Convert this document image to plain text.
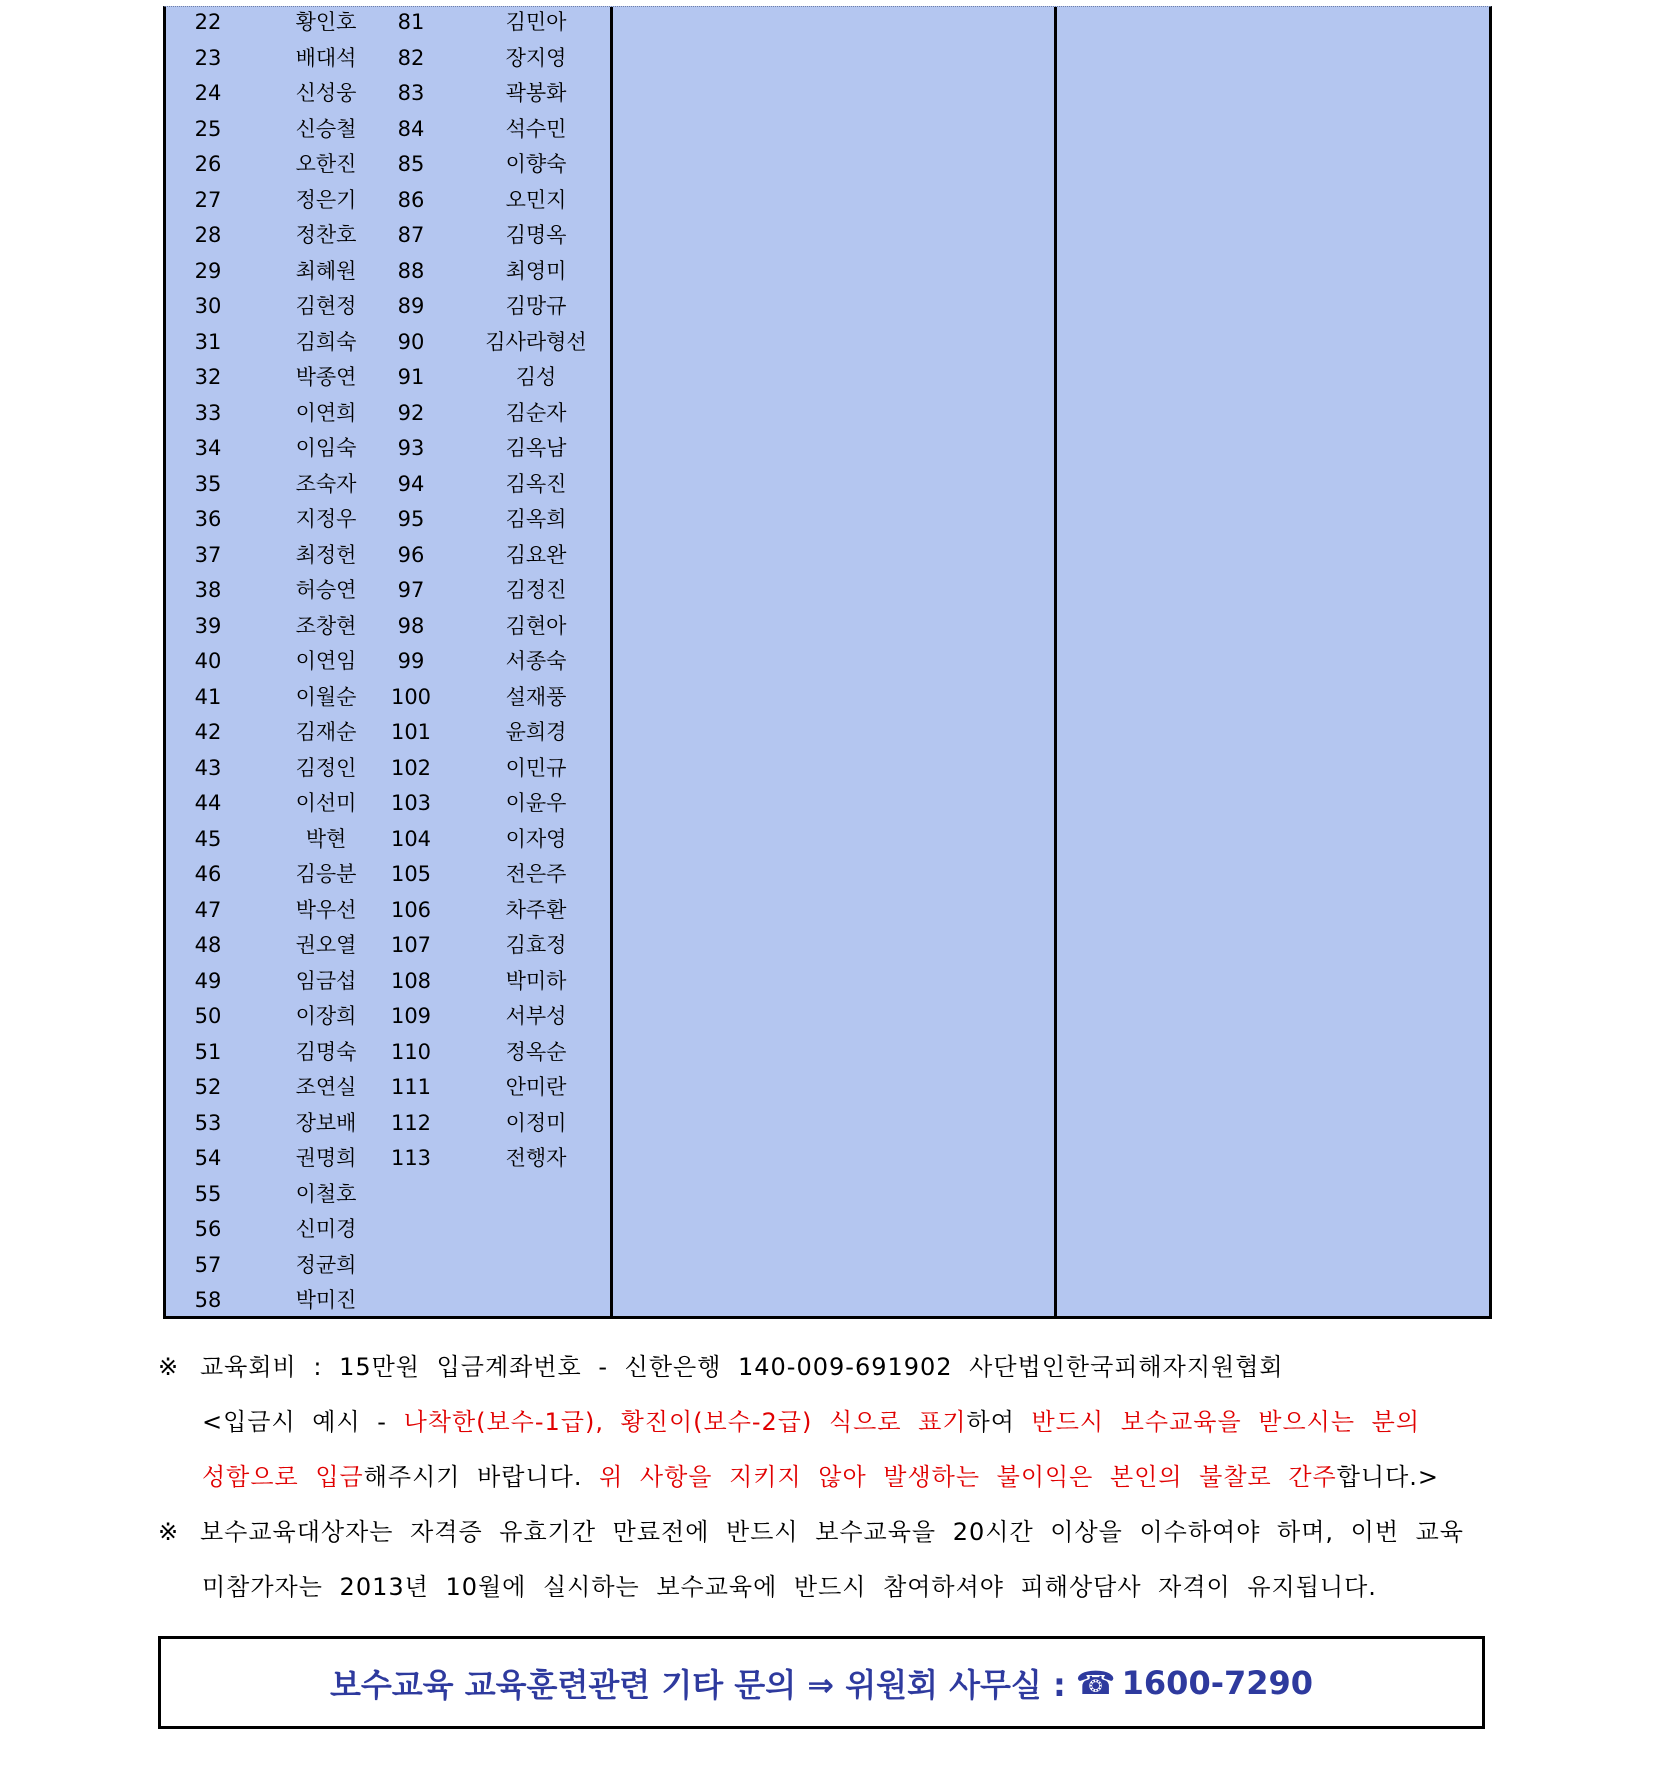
22	황인호	81	김민아
23	배대석	82	장지영
24	신성웅	83	곽봉화
25	신승철	84	석수민
26	오한진	85	이향숙
27	정은기	86	오민지
28	정찬호	87	김명옥
29	최혜원	88	최영미
30	김현정	89	김망규
31	김희숙	90	김사라형선
32	박종연	91	김성
33	이연희	92	김순자
34	이임숙	93	김옥남
35	조숙자	94	김옥진
36	지정우	95	김옥희
37	최정헌	96	김요완
38	허승연	97	김정진
39	조창현	98	김현아
40	이연임	99	서종숙
41	이월순	100	설재풍
42	김재순	101	윤희경
43	김정인	102	이민규
44	이선미	103	이윤우
45	박현	104	이자영
46	김응분	105	전은주
47	박우선	106	차주환
48	권오열	107	김효정
49	임금섭	108	박미하
50	이장희	109	서부성
51	김명숙	110	정옥순
52	조연실	111	안미란
53	장보배	112	이정미
54	권명희	113	전행자
55	이철호
56	신미경
57	정균희
58	박미진
※ 교육회비 : 15만원 입금계좌번호 - 신한은행 140-009-691902 사단법인한국피해자지원협회
<입금시 예시 - 나착한(보수-1급), 황진이(보수-2급) 식으로 표기하여 반드시 보수교육을 받으시는 분의
성함으로 입금해주시기 바랍니다. 위 사항을 지키지 않아 발생하는 불이익은 본인의 불찰로 간주합니다.>
※ 보수교육대상자는 자격증 유효기간 만료전에 반드시 보수교육을 20시간 이상을 이수하여야 하며, 이번 교육
미참가자는 2013년 10월에 실시하는 보수교육에 반드시 참여하셔야 피해상담사 자격이 유지됩니다.
보수교육 교육훈련관련 기타 문의 ⇒ 위원회 사무실 : ☎ 1600-7290
